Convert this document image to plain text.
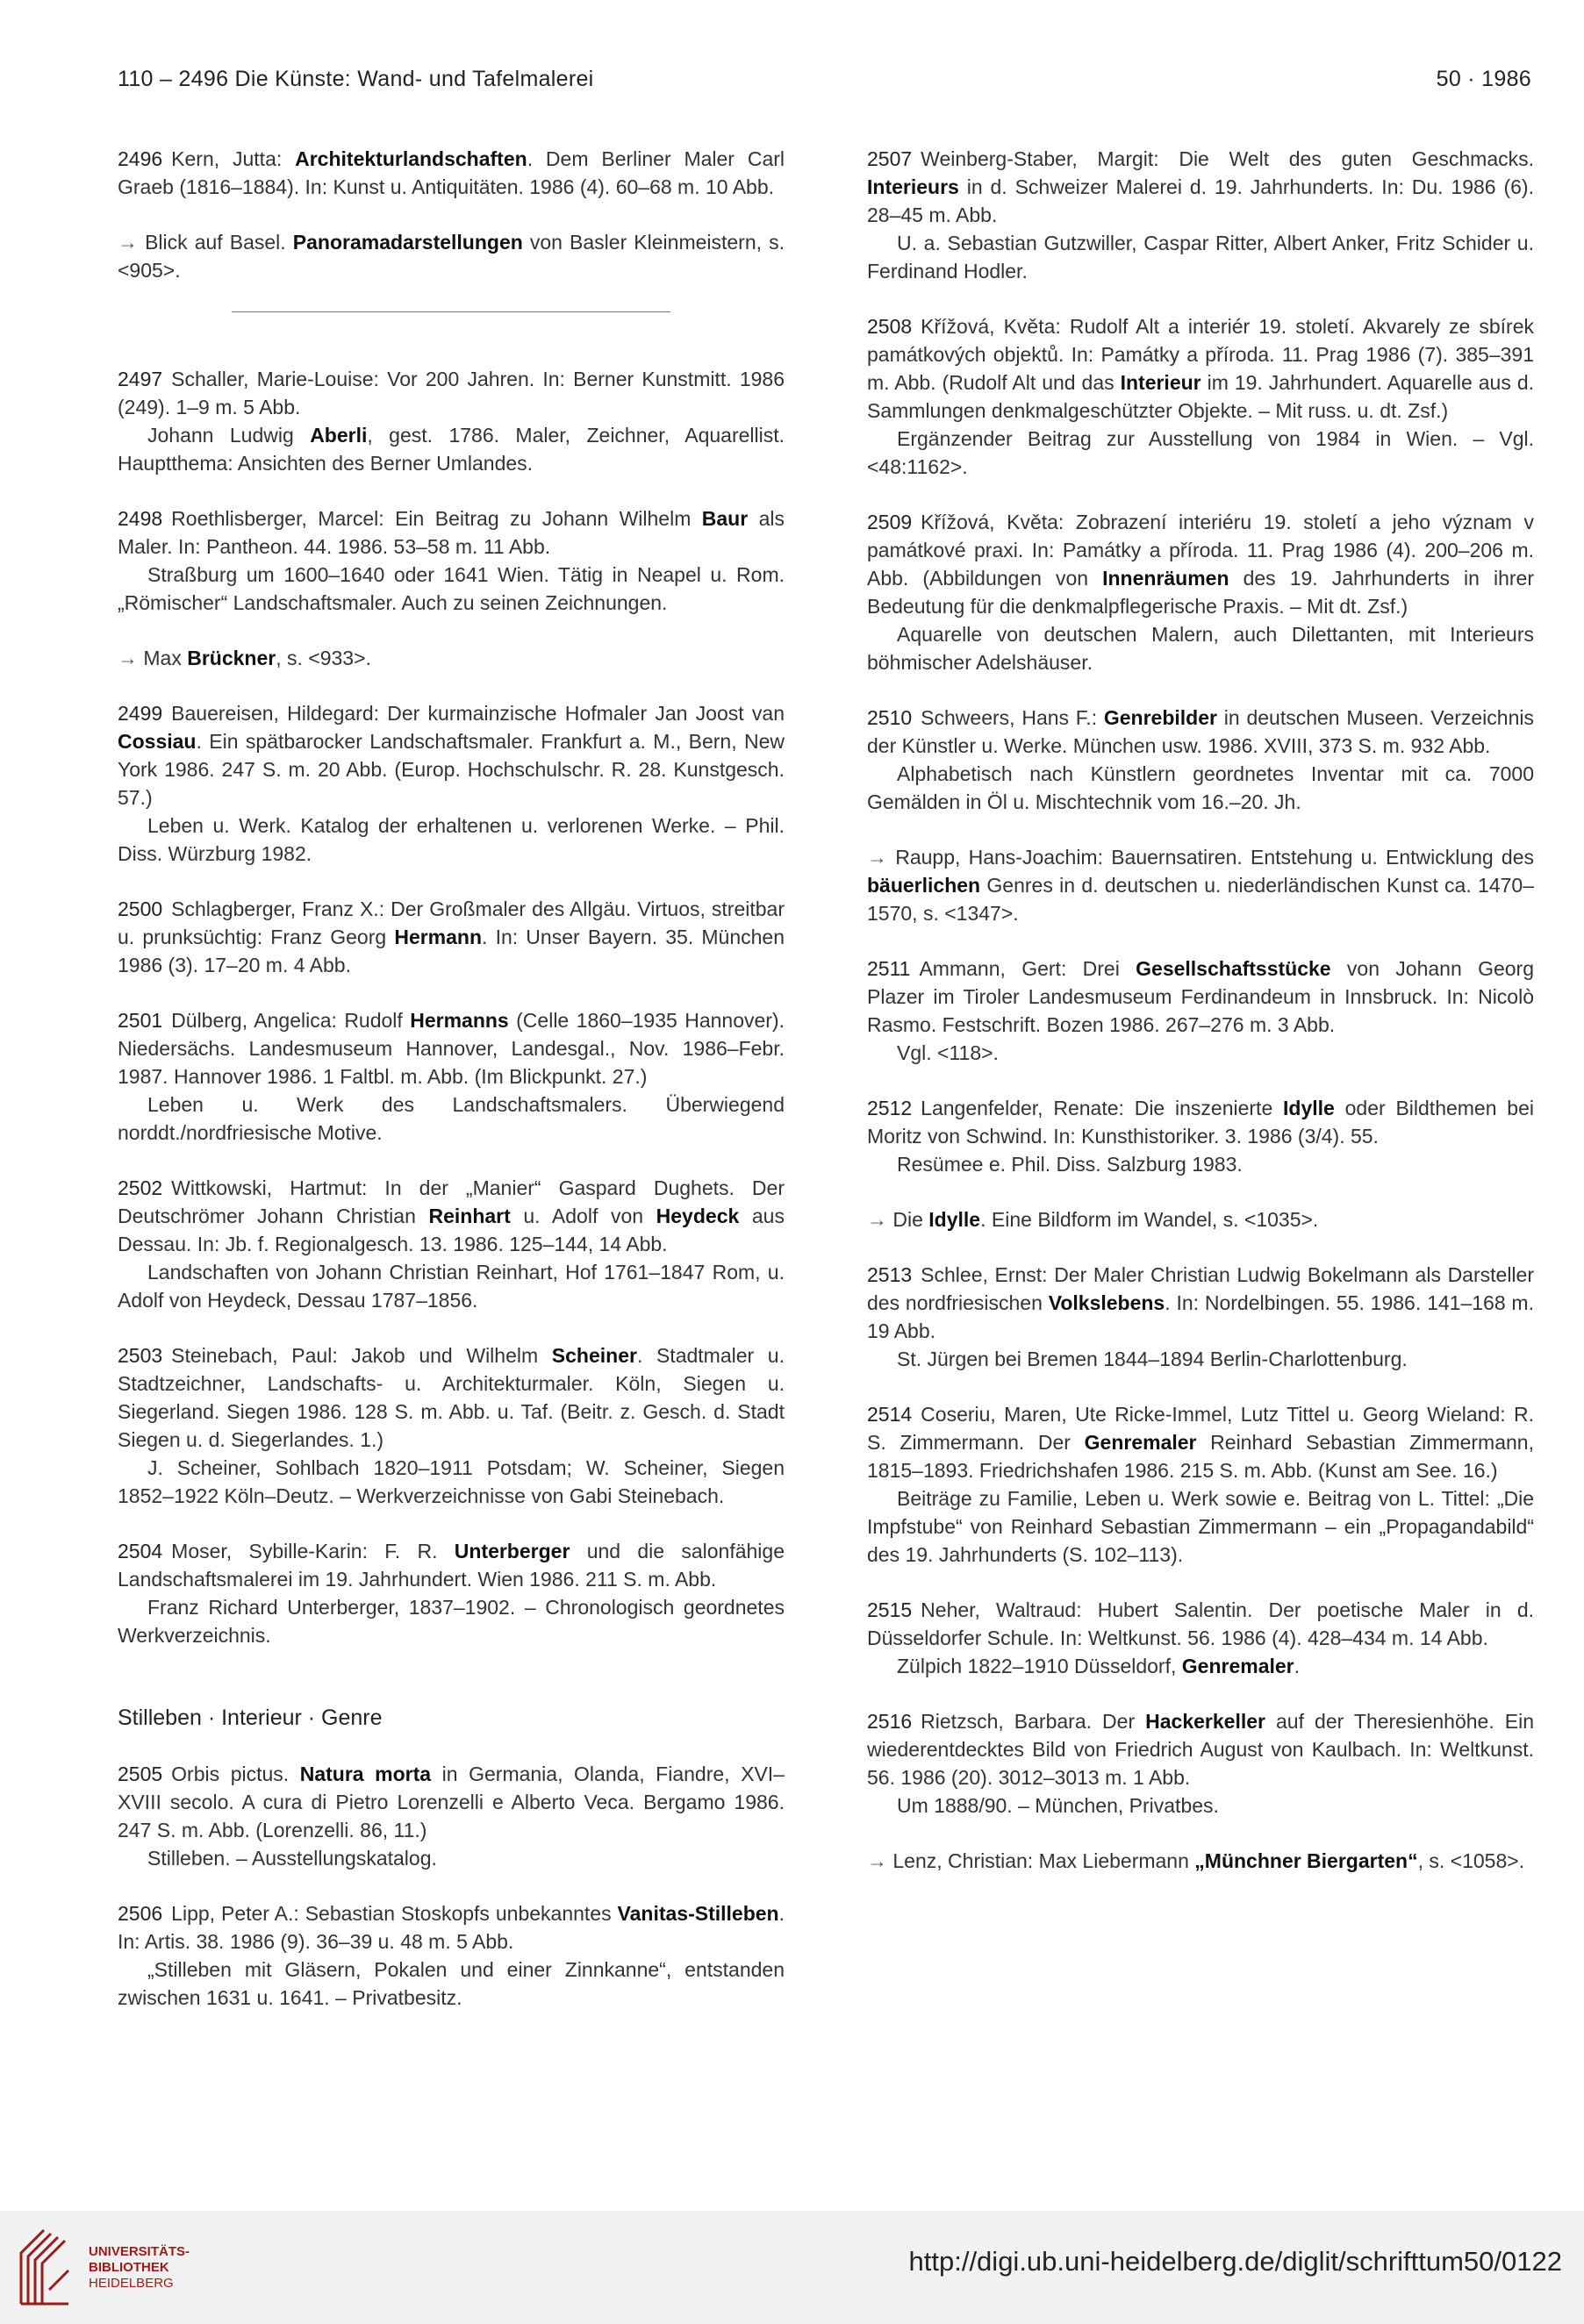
110 – 2496 Die Künste: Wand- und Tafelmalerei	50 · 1986

2496 Kern, Jutta: Architekturlandschaften. Dem Berliner Maler Carl Graeb (1816–1884). In: Kunst u. Antiquitäten. 1986 (4). 60–68 m. 10 Abb.

→ Blick auf Basel. Panoramadarstellungen von Basler Kleinmeistern, s. <905>.

2497 Schaller, Marie-Louise: Vor 200 Jahren. In: Berner Kunstmitt. 1986 (249). 1–9 m. 5 Abb.

Johann Ludwig Aberli, gest. 1786. Maler, Zeichner, Aquarellist. Hauptthema: Ansichten des Berner Umlandes.

2498 Roethlisberger, Marcel: Ein Beitrag zu Johann Wilhelm Baur als Maler. In: Pantheon. 44. 1986. 53–58 m. 11 Abb.

Straßburg um 1600–1640 oder 1641 Wien. Tätig in Neapel u. Rom. „Römischer“ Landschaftsmaler. Auch zu seinen Zeichnungen.

→ Max Brückner, s. <933>.

2499 Bauereisen, Hildegard: Der kurmainzische Hofmaler Jan Joost van Cossiau. Ein spätbarocker Landschaftsmaler. Frankfurt a. M., Bern, New York 1986. 247 S. m. 20 Abb. (Europ. Hochschulschr. R. 28. Kunstgesch. 57.)

Leben u. Werk. Katalog der erhaltenen u. verlorenen Werke. – Phil. Diss. Würzburg 1982.

2500 Schlagberger, Franz X.: Der Großmaler des Allgäu. Virtuos, streitbar u. prunksüchtig: Franz Georg Hermann. In: Unser Bayern. 35. München 1986 (3). 17–20 m. 4 Abb.

2501 Dülberg, Angelica: Rudolf Hermanns (Celle 1860–1935 Hannover). Niedersächs. Landesmuseum Hannover, Landesgal., Nov. 1986–Febr. 1987. Hannover 1986. 1 Faltbl. m. Abb. (Im Blickpunkt. 27.)

Leben u. Werk des Landschaftsmalers. Überwiegend norddt./nordfriesische Motive.

2502 Wittkowski, Hartmut: In der „Manier“ Gaspard Dughets. Der Deutschrömer Johann Christian Reinhart u. Adolf von Heydeck aus Dessau. In: Jb. f. Regionalgesch. 13. 1986. 125–144, 14 Abb.

Landschaften von Johann Christian Reinhart, Hof 1761–1847 Rom, u. Adolf von Heydeck, Dessau 1787–1856.

2503 Steinebach, Paul: Jakob und Wilhelm Scheiner. Stadtmaler u. Stadtzeichner, Landschafts- u. Architekturmaler. Köln, Siegen u. Siegerland. Siegen 1986. 128 S. m. Abb. u. Taf. (Beitr. z. Gesch. d. Stadt Siegen u. d. Siegerlandes. 1.)

J. Scheiner, Sohlbach 1820–1911 Potsdam; W. Scheiner, Siegen 1852–1922 Köln–Deutz. – Werkverzeichnisse von Gabi Steinebach.

2504 Moser, Sybille-Karin: F. R. Unterberger und die salonfähige Landschaftsmalerei im 19. Jahrhundert. Wien 1986. 211 S. m. Abb.

Franz Richard Unterberger, 1837–1902. – Chronologisch geordnetes Werkverzeichnis.

Stilleben · Interieur · Genre

2505 Orbis pictus. Natura morta in Germania, Olanda, Fiandre, XVI–XVIII secolo. A cura di Pietro Lorenzelli e Alberto Veca. Bergamo 1986. 247 S. m. Abb. (Lorenzelli. 86, 11.)

Stilleben. – Ausstellungskatalog.

2506 Lipp, Peter A.: Sebastian Stoskopfs unbekanntes Vanitas-Stilleben. In: Artis. 38. 1986 (9). 36–39 u. 48 m. 5 Abb.

„Stilleben mit Gläsern, Pokalen und einer Zinnkanne“, entstanden zwischen 1631 u. 1641. – Privatbesitz.

2507 Weinberg-Staber, Margit: Die Welt des guten Geschmacks. Interieurs in d. Schweizer Malerei d. 19. Jahrhunderts. In: Du. 1986 (6). 28–45 m. Abb.

U. a. Sebastian Gutzwiller, Caspar Ritter, Albert Anker, Fritz Schider u. Ferdinand Hodler.

2508 Křížová, Květa: Rudolf Alt a interiér 19. století. Akvarely ze sbírek památkových objektů. In: Památky a příroda. 11. Prag 1986 (7). 385–391 m. Abb. (Rudolf Alt und das Interieur im 19. Jahrhundert. Aquarelle aus d. Sammlungen denkmalgeschützter Objekte. – Mit russ. u. dt. Zsf.)

Ergänzender Beitrag zur Ausstellung von 1984 in Wien. – Vgl. <48:1162>.

2509 Křížová, Květa: Zobrazení interiéru 19. století a jeho význam v památkové praxi. In: Památky a příroda. 11. Prag 1986 (4). 200–206 m. Abb. (Abbildungen von Innenräumen des 19. Jahrhunderts in ihrer Bedeutung für die denkmalpflegerische Praxis. – Mit dt. Zsf.)

Aquarelle von deutschen Malern, auch Dilettanten, mit Interieurs böhmischer Adelshäuser.

2510 Schweers, Hans F.: Genrebilder in deutschen Museen. Verzeichnis der Künstler u. Werke. München usw. 1986. XVIII, 373 S. m. 932 Abb.

Alphabetisch nach Künstlern geordnetes Inventar mit ca. 7000 Gemälden in Öl u. Mischtechnik vom 16.–20. Jh.

→ Raupp, Hans-Joachim: Bauernsatiren. Entstehung u. Entwicklung des bäuerlichen Genres in d. deutschen u. niederländischen Kunst ca. 1470–1570, s. <1347>.

2511 Ammann, Gert: Drei Gesellschaftsstücke von Johann Georg Plazer im Tiroler Landesmuseum Ferdinandeum in Innsbruck. In: Nicolò Rasmo. Festschrift. Bozen 1986. 267–276 m. 3 Abb.

Vgl. <118>.

2512 Langenfelder, Renate: Die inszenierte Idylle oder Bildthemen bei Moritz von Schwind. In: Kunsthistoriker. 3. 1986 (3/4). 55.

Resümee e. Phil. Diss. Salzburg 1983.

→ Die Idylle. Eine Bildform im Wandel, s. <1035>.

2513 Schlee, Ernst: Der Maler Christian Ludwig Bokelmann als Darsteller des nordfriesischen Volkslebens. In: Nordelbingen. 55. 1986. 141–168 m. 19 Abb.

St. Jürgen bei Bremen 1844–1894 Berlin-Charlottenburg.

2514 Coseriu, Maren, Ute Ricke-Immel, Lutz Tittel u. Georg Wieland: R. S. Zimmermann. Der Genremaler Reinhard Sebastian Zimmermann, 1815–1893. Friedrichshafen 1986. 215 S. m. Abb. (Kunst am See. 16.)

Beiträge zu Familie, Leben u. Werk sowie e. Beitrag von L. Tittel: „Die Impfstube“ von Reinhard Sebastian Zimmermann – ein „Propagandabild“ des 19. Jahrhunderts (S. 102–113).

2515 Neher, Waltraud: Hubert Salentin. Der poetische Maler in d. Düsseldorfer Schule. In: Weltkunst. 56. 1986 (4). 428–434 m. 14 Abb.

Zülpich 1822–1910 Düsseldorf, Genremaler.

2516 Rietzsch, Barbara. Der Hackerkeller auf der Theresienhöhe. Ein wiederentdecktes Bild von Friedrich August von Kaulbach. In: Weltkunst. 56. 1986 (20). 3012–3013 m. 1 Abb.

Um 1888/90. – München, Privatbes.

→ Lenz, Christian: Max Liebermann „Münchner Biergarten“, s. <1058>.

UNIVERSITÄTS-
BIBLIOTHEK
HEIDELBERG
http://digi.ub.uni-heidelberg.de/diglit/schrifttum50/0122
